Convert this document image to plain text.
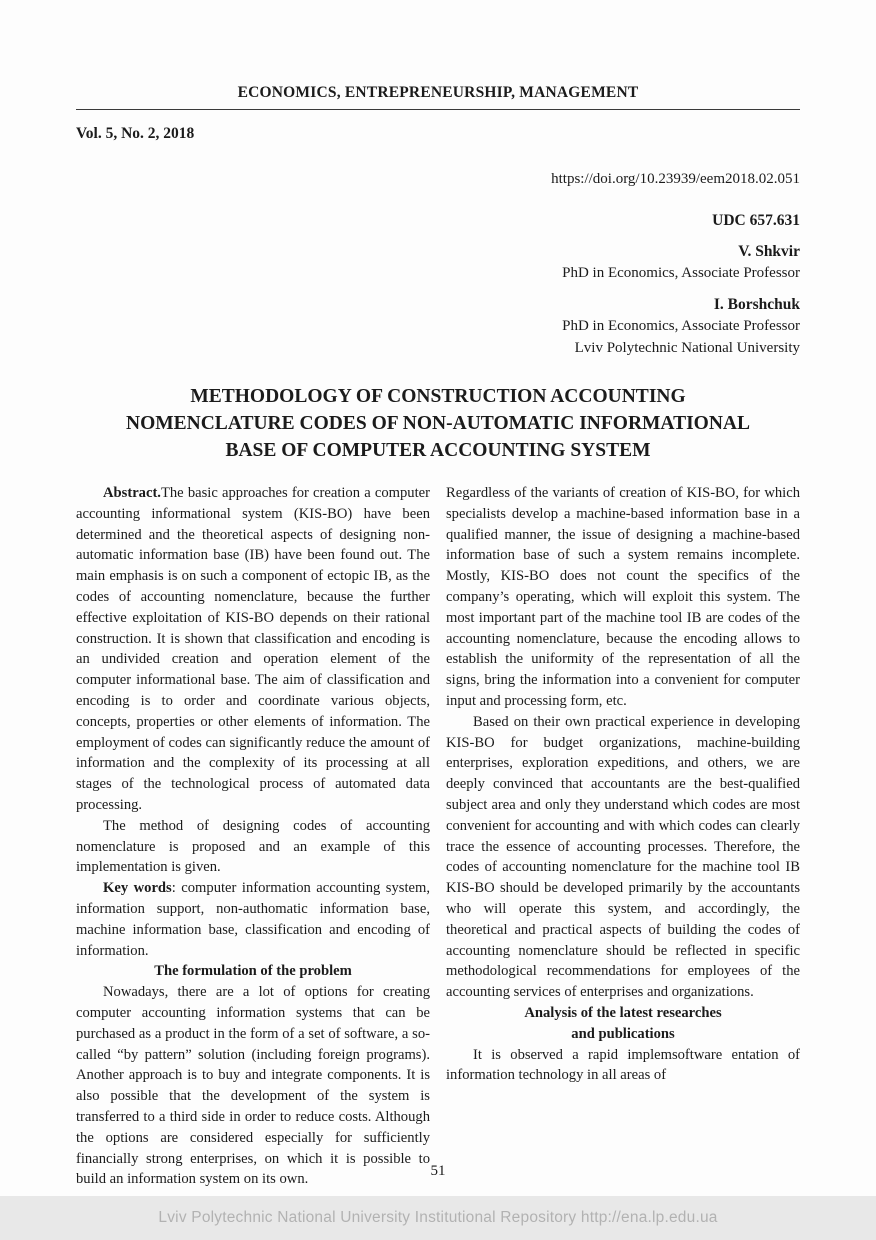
ECONOMICS, ENTREPRENEURSHIP, MANAGEMENT
Vol. 5, No. 2, 2018
https://doi.org/10.23939/eem2018.02.051
UDC 657.631
V. Shkvir
PhD in Economics, Associate Professor
I. Borshchuk
PhD in Economics, Associate Professor
Lviv Polytechnic National University
METHODOLOGY OF CONSTRUCTION ACCOUNTING
NOMENCLATURE CODES OF NON-AUTOMATIC INFORMATIONAL
BASE OF COMPUTER ACCOUNTING SYSTEM

Abstract.The basic approaches for creation a computer accounting informational system (KIS-BO) have been determined and the theoretical aspects of designing non-automatic information base (IB) have been found out. The main emphasis is on such a component of ectopic IB, as the codes of accounting nomenclature, because the further effective exploitation of KIS-BO depends on their rational construction. It is shown that classification and encoding is an undivided creation and operation element of the computer informational base. The aim of classification and encoding is to order and coordinate various objects, concepts, properties or other elements of information. The employment of codes can significantly reduce the amount of information and the complexity of its processing at all stages of the technological process of automated data processing.

The method of designing codes of accounting nomenclature is proposed and an example of this implementation is given.

Key words: computer information accounting system, information support, non-authomatic information base, machine information base, classification and encoding of information.

The formulation of the problem

Nowadays, there are a lot of options for creating computer accounting information systems that can be purchased as a product in the form of a set of software, a so-called “by pattern” solution (including foreign programs). Another approach is to buy and integrate components. It is also possible that the development of the system is transferred to a third side in order to reduce costs. Although the options are considered especially for sufficiently financially strong enterprises, on which it is possible to build an information system on its own.

Regardless of the variants of creation of KIS-BO, for which specialists develop a machine-based information base in a qualified manner, the issue of designing a machine-based information base of such a system remains incomplete. Mostly, KIS-BO does not count the specifics of the company’s operating, which will exploit this system. The most important part of the machine tool IB are codes of the accounting nomenclature, because the encoding allows to establish the uniformity of the representation of all the signs, bring the information into a convenient for computer input and processing form, etc.

Based on their own practical experience in developing KIS-BO for budget organizations, machine-building enterprises, exploration expeditions, and others, we are deeply convinced that accountants are the best-qualified subject area and only they understand which codes are most convenient for accounting and with which codes can clearly trace the essence of accounting processes. Therefore, the codes of accounting nomenclature for the machine tool IB KIS-BO should be developed primarily by the accountants who will operate this system, and accordingly, the theoretical and practical aspects of building the codes of accounting nomenclature should be reflected in specific methodological recommendations for employees of the accounting services of enterprises and organizations.

Analysis of the latest researches
and publications

It is observed a rapid implemsoftware entation of information technology in all areas of

51
Lviv Polytechnic National University Institutional Repository http://ena.lp.edu.ua
